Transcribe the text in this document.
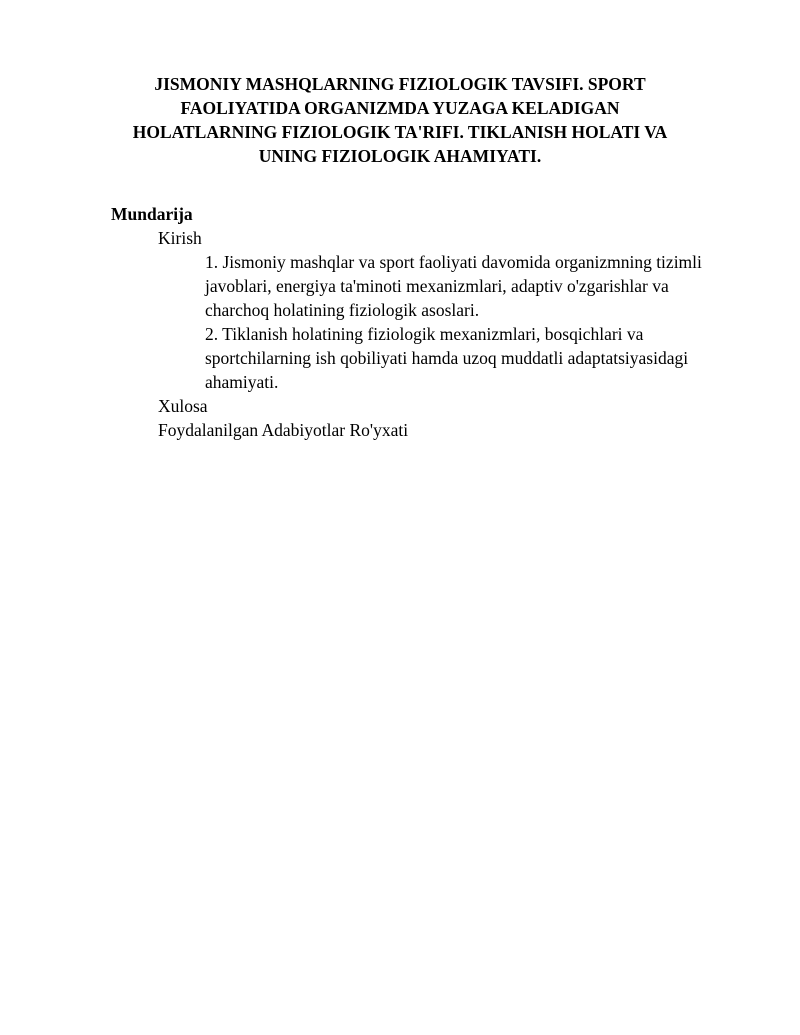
JISMONIY MASHQLARNING FIZIOLOGIK TAVSIFI. SPORT FAOLIYATIDA ORGANIZMDA YUZAGA KELADIGAN HOLATLARNING FIZIOLOGIK TA'RIFI. TIKLANISH HOLATI VA UNING FIZIOLOGIK AHAMIYATI.
Mundarija
Kirish
1. Jismoniy mashqlar va sport faoliyati davomida organizmning tizimli javoblari, energiya ta'minoti mexanizmlari, adaptiv o'zgarishlar va charchoq holatining fiziologik asoslari.
2. Tiklanish holatining fiziologik mexanizmlari, bosqichlari va sportchilarning ish qobiliyati hamda uzoq muddatli adaptatsiyasidagi ahamiyati.
Xulosa
Foydalanilgan Adabiyotlar Ro'yxati
